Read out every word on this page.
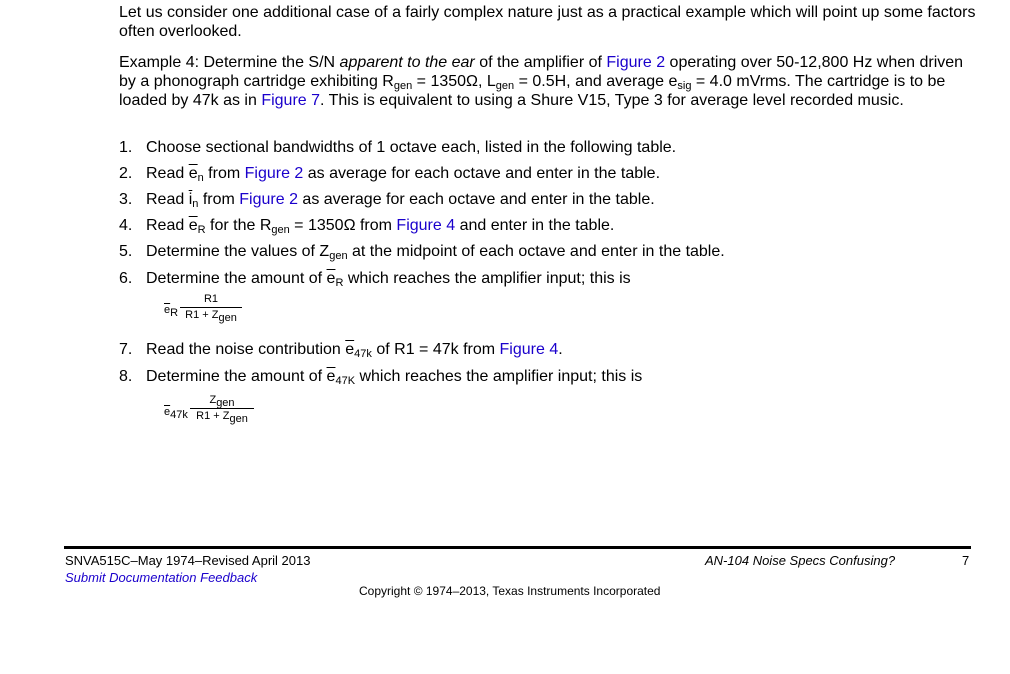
Let us consider one additional case of a fairly complex nature just as a practical example which will point up some factors often overlooked.
Example 4: Determine the S/N apparent to the ear of the amplifier of Figure 2 operating over 50-12,800 Hz when driven by a phonograph cartridge exhibiting $R_{gen} = 1350\Omega$, $L_{gen} = 0.5H$, and average $e_{sig} = 4.0$ mVrms. The cartridge is to be loaded by 47k as in Figure 7. This is equivalent to using a Shure V15, Type 3 for average level recorded music.
1. Choose sectional bandwidths of 1 octave each, listed in the following table.
2. Read $\overline{e}_n$ from Figure 2 as average for each octave and enter in the table.
3. Read $\overline{i}_n$ from Figure 2 as average for each octave and enter in the table.
4. Read $\overline{e}_R$ for the $R_{gen} = 1350\Omega$ from Figure 4 and enter in the table.
5. Determine the values of $Z_{gen}$ at the midpoint of each octave and enter in the table.
6. Determine the amount of $\overline{e}_R$ which reaches the amplifier input; this is
$\overline{e}_R$
R1
$R1 + Z_{gen}$
7. Read the noise contribution $\overline{e}_{47k}$ of R1 = 47k from Figure 4.
8. Determine the amount of $\overline{e}_{47K}$ which reaches the amplifier input; this is
$\overline{e}_{47k}$
$Z_{gen}$
$R1 + Z_{gen}$
SNVA515C–May 1974–Revised April 2013
Submit Documentation Feedback
AN-104 Noise Specs Confusing?	7
Copyright © 1974–2013, Texas Instruments Incorporated
